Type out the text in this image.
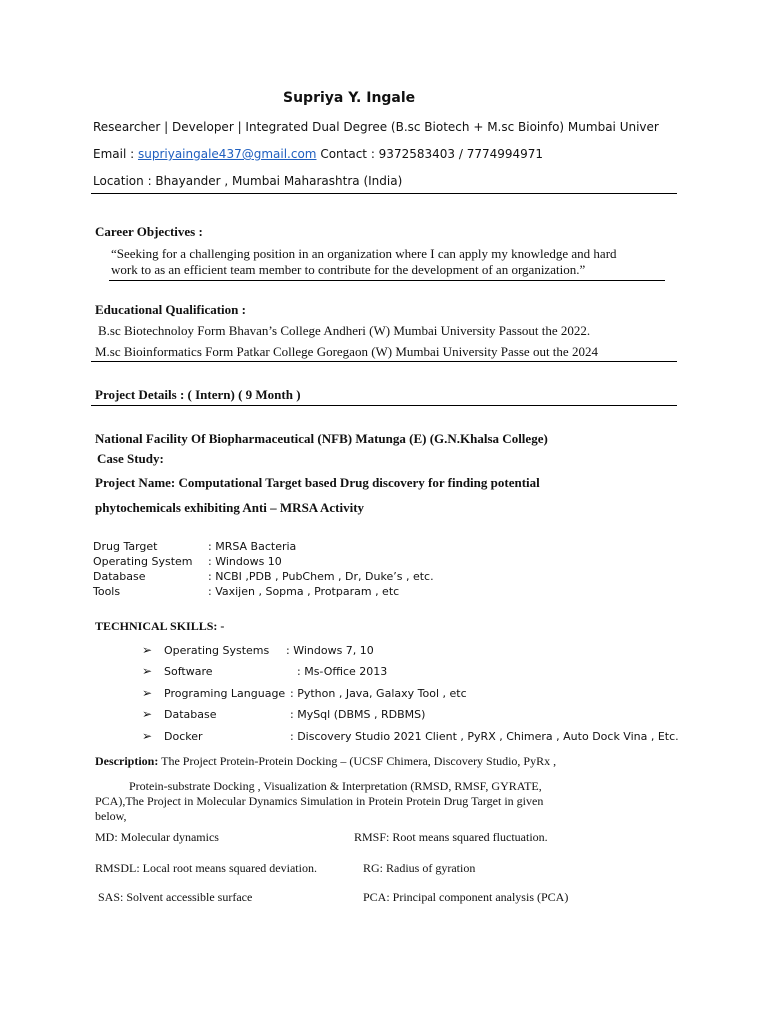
Supriya Y. Ingale
Researcher | Developer | Integrated Dual Degree (B.sc Biotech + M.sc Bioinfo) Mumbai Univer
Email : supriyaingale437@gmail.com Contact : 9372583403 / 7774994971
Location : Bhayander , Mumbai Maharashtra (India)
Career Objectives :
“Seeking for a challenging position in an organization where I can apply my knowledge and hard
work to as an efficient team member to contribute for the development of an organization.”
Educational Qualification :
B.sc Biotechnoloy Form Bhavan’s College Andheri (W) Mumbai University Passout the 2022.
M.sc Bioinformatics Form Patkar College Goregaon (W) Mumbai University Passe out the 2024
Project Details : ( Intern) ( 9 Month )
National Facility Of Biopharmaceutical (NFB) Matunga (E) (G.N.Khalsa College)
Case Study:
Project Name: Computational Target based Drug discovery for finding potential
phytochemicals exhibiting Anti – MRSA Activity
Drug Target	: MRSA Bacteria
Operating System : Windows 10
Database	: NCBI ,PDB , PubChem , Dr, Duke’s , etc.
Tools	: Vaxijen , Sopma , Protparam , etc
TECHNICAL SKILLS: -
➢ Operating Systems : Windows 7, 10
➢ Software	: Ms-Office 2013
➢ Programing Language : Python , Java, Galaxy Tool , etc
➢ Database	: MySql (DBMS , RDBMS)
➢ Docker	: Discovery Studio 2021 Client , PyRX , Chimera , Auto Dock Vina , Etc.
Description: The Project Protein-Protein Docking – (UCSF Chimera, Discovery Studio, PyRx ,
Protein-substrate Docking , Visualization & Interpretation (RMSD, RMSF, GYRATE,
PCA),The Project in Molecular Dynamics Simulation in Protein Protein Drug Target in given
below,
MD: Molecular dynamics	RMSF: Root means squared fluctuation.
RMSDL: Local root means squared deviation.	RG: Radius of gyration
SAS: Solvent accessible surface	PCA: Principal component analysis (PCA)
